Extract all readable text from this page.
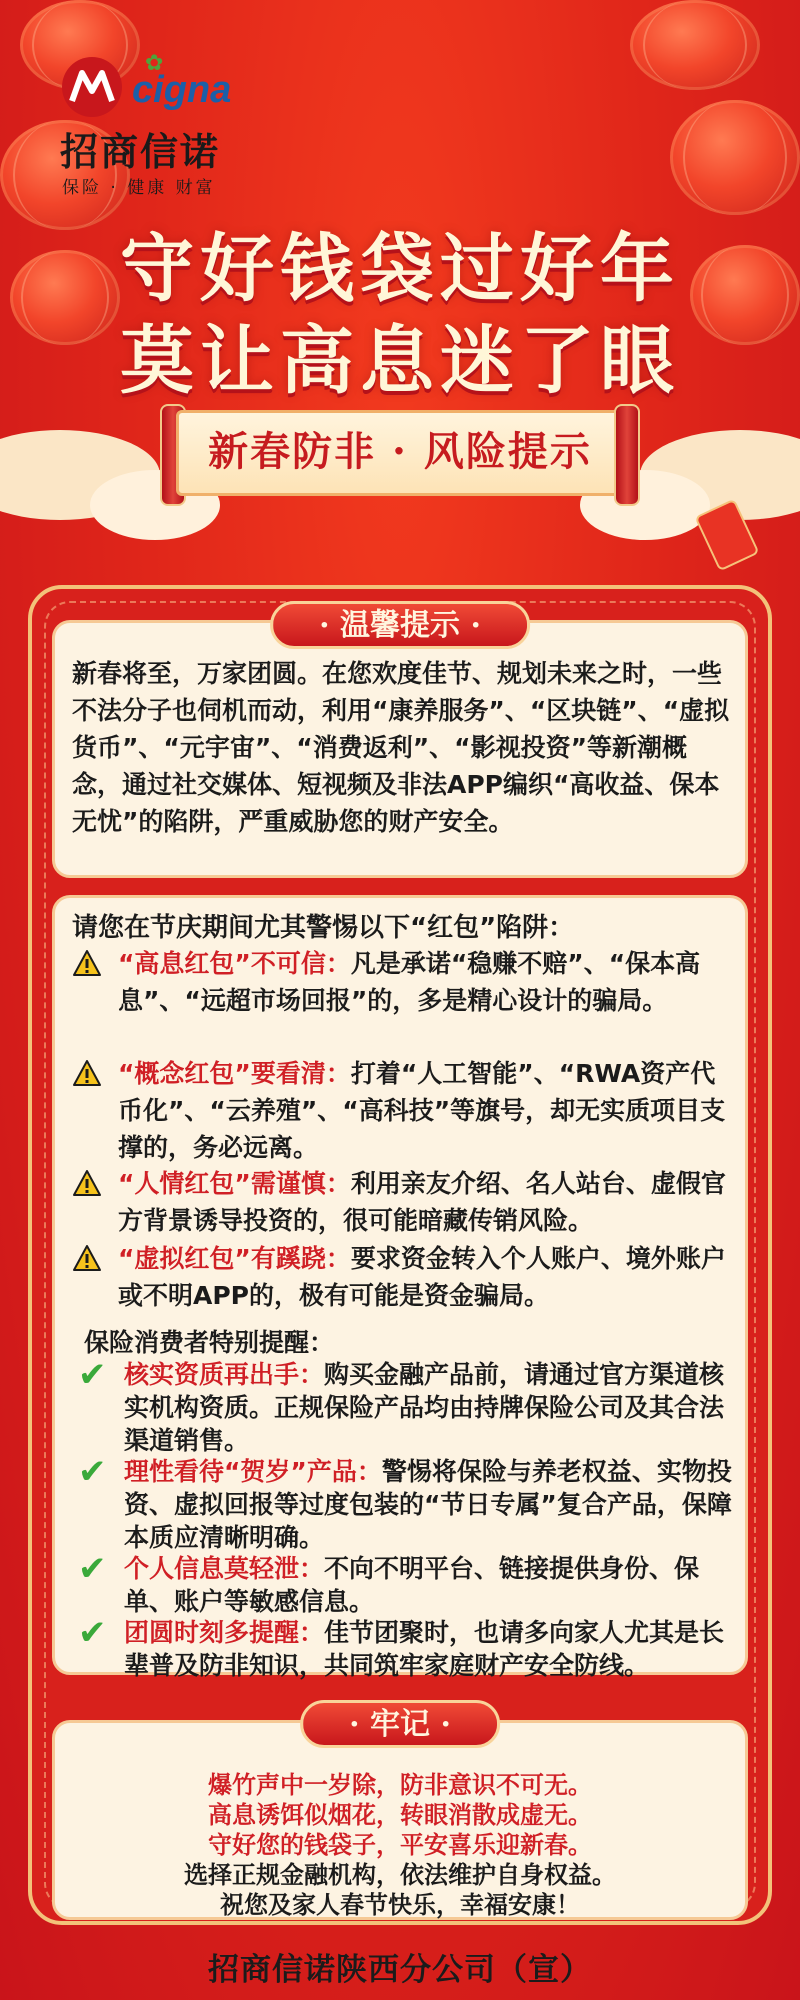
✿
cigna
招商信诺
保险 · 健康 财富
守好钱袋过好年
莫让高息迷了眼
新春防非 · 风险提示
· 温馨提示 ·
新春将至，万家团圆。在您欢度佳节、规划未来之时，一些不法分子也伺机而动，利用“康养服务”、“区块链”、“虚拟货币”、“元宇宙”、“消费返利”、“影视投资”等新潮概念，通过社交媒体、短视频及非法APP编织“高收益、保本无忧”的陷阱，严重威胁您的财产安全。
请您在节庆期间尤其警惕以下“红包”陷阱：
“高息红包”不可信：凡是承诺“稳赚不赔”、“保本高息”、“远超市场回报”的，多是精心设计的骗局。
“概念红包”要看清：打着“人工智能”、“RWA资产代币化”、“云养殖”、“高科技”等旗号，却无实质项目支撑的，务必远离。
“人情红包”需谨慎：利用亲友介绍、名人站台、虚假官方背景诱导投资的，很可能暗藏传销风险。
“虚拟红包”有蹊跷：要求资金转入个人账户、境外账户或不明APP的，极有可能是资金骗局。
保险消费者特别提醒：
✔ 核实资质再出手：购买金融产品前，请通过官方渠道核实机构资质。正规保险产品均由持牌保险公司及其合法渠道销售。
✔ 理性看待“贺岁”产品：警惕将保险与养老权益、实物投资、虚拟回报等过度包装的“节日专属”复合产品，保障本质应清晰明确。
✔ 个人信息莫轻泄：不向不明平台、链接提供身份、保单、账户等敏感信息。
✔ 团圆时刻多提醒：佳节团聚时，也请多向家人尤其是长辈普及防非知识，共同筑牢家庭财产安全防线。
· 牢记 ·
爆竹声中一岁除，防非意识不可无。
高息诱饵似烟花，转眼消散成虚无。
守好您的钱袋子，平安喜乐迎新春。
选择正规金融机构，依法维护自身权益。
祝您及家人春节快乐，幸福安康！
招商信诺陕西分公司（宣）
